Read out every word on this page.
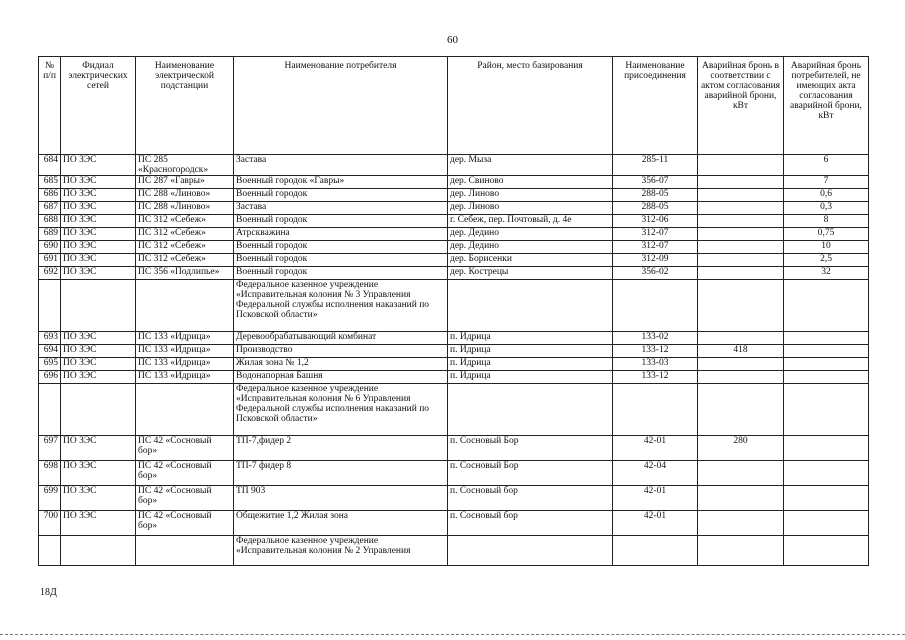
60
№ п/п	Фидиал электрических сетей	Наименование электрической подстанции	Наименование потребителя	Район, место базирования	Наименование присоединения	Аварийная бронь в соответствии с актом согласования аварийной брони, кВт	Аварийная бронь потребителей, не имеющих акта согласования аварийной брони, кВт
684	ПО ЗЭС	ПС 285 «Красногородск»	Застава	дер. Мыза	285-11		6
685	ПО ЗЭС	ПС 287 «Гавры»	Военный городок «Гавры»	дер. Свиново	356-07		7
686	ПО ЗЭС	ПС 288 «Линово»	Военный городок	дер. Линово	288-05		0,6
687	ПО ЗЭС	ПС 288 «Линово»	Застава	дер. Линово	288-05		0,3
688	ПО ЗЭС	ПС 312 «Себеж»	Военный городок	г. Себеж, пер. Почтовый, д. 4е	312-06		8
689	ПО ЗЭС	ПС 312 «Себеж»	Атрскважина	дер. Дедино	312-07		0,75
690	ПО ЗЭС	ПС 312 «Себеж»	Военный городок	дер. Дедино	312-07		10
691	ПО ЗЭС	ПС 312 «Себеж»	Военный городок	дер. Борисенки	312-09		2,5
692	ПО ЗЭС	ПС 356 «Подлипье»	Военный городок	дер. Кострецы	356-02		32
			Федеральное казенное учреждение «Исправительная колония № 3 Управления Федеральной службы исполнения наказаний по Псковской области»				
693	ПО ЗЭС	ПС 133 «Идрица»	Деревообрабатывающий комбинат	п. Идрица	133-02		
694	ПО ЗЭС	ПС 133 «Идрица»	Производство	п. Идрица	133-12	418	
695	ПО ЗЭС	ПС 133 «Идрица»	Жилая зона № 1,2	п. Идрица	133-03		
696	ПО ЗЭС	ПС 133 «Идрица»	Водонапорная Башня	п. Идрица	133-12		
			Федеральное казенное учреждение «Исправительная колония № 6 Управления Федеральной службы исполнения наказаний по Псковской области»				
697	ПО ЗЭС	ПС 42 «Сосновый бор»	ТП-7,фидер 2	п. Сосновый Бор	42-01	280	
698	ПО ЗЭС	ПС 42 «Сосновый бор»	ТП-7 фидер 8	п. Сосновый Бор	42-04		
699	ПО ЗЭС	ПС 42 «Сосновый бор»	ТП 903	п. Сосновый бор	42-01		
700	ПО ЗЭС	ПС 42 «Сосновый бор»	Общежитие 1,2 Жилая зона	п. Сосновый бор	42-01		
			Федеральное казенное учреждение «Исправительная колония № 2 Управления				
18Д
